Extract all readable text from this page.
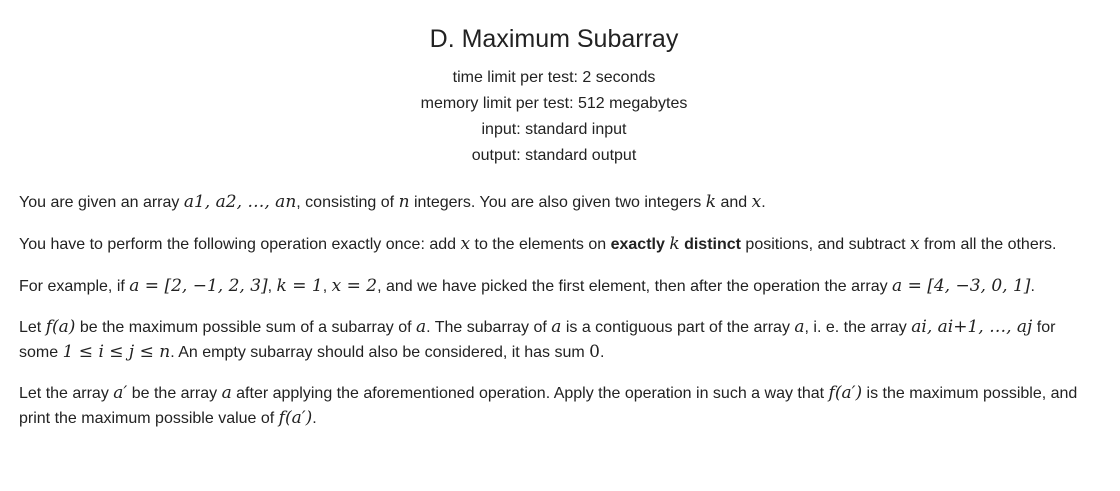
D. Maximum Subarray
time limit per test: 2 seconds
memory limit per test: 512 megabytes
input: standard input
output: standard output

You are given an array a1, a2, …, an, consisting of n integers. You are also given two integers k and x.

You have to perform the following operation exactly once: add x to the elements on exactly k distinct positions, and subtract x from all the others.

For example, if a = [2, −1, 2, 3], k = 1, x = 2, and we have picked the first element, then after the operation the array a = [4, −3, 0, 1].

Let f(a) be the maximum possible sum of a subarray of a. The subarray of a is a contiguous part of the array a, i. e. the array ai, ai+1, …, aj for some 1 ≤ i ≤ j ≤ n. An empty subarray should also be considered, it has sum 0.

Let the array a′ be the array a after applying the aforementioned operation. Apply the operation in such a way that f(a′) is the maximum possible, and print the maximum possible value of f(a′).
